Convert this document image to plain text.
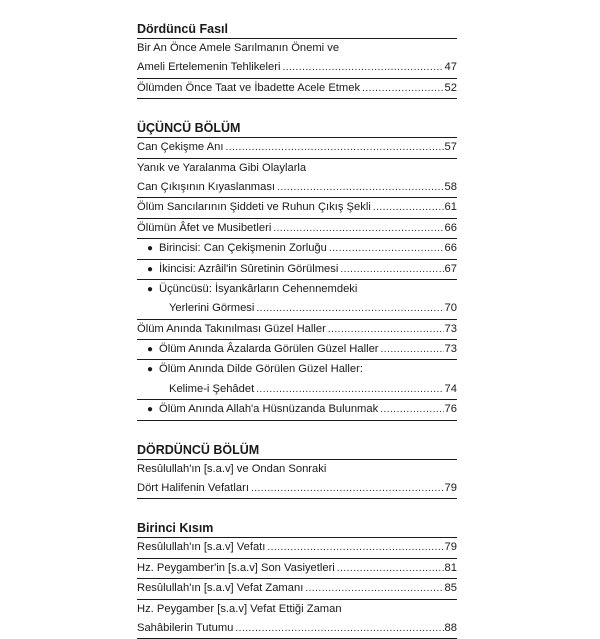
Dördüncü Fasıl
Bir An Önce Amele Sarılmanın Önemi ve
Ameli Ertelemenin Tehlikeleri .....	47
Ölümden Önce Taat ve İbadette Acele Etmek .....	52
ÜÇÜNCÜ BÖLÜM
Can Çekişme Anı .....	57
Yanık ve Yaralanma Gibi Olaylarla
Can Çıkışının Kıyaslanması .....	58
Ölüm Sancılarının Şiddeti ve Ruhun Çıkış Şekli .....	61
Ölümün Âfet ve Musibetleri .....	66
● Birincisi: Can Çekişmenin Zorluğu .....	66
● İkincisi: Azrâil'in Sûretinin Görülmesi .....	67
● Üçüncüsü: İsyankârların Cehennemdeki
Yerlerini Görmesi .....	70
Ölüm Anında Takınılması Güzel Haller .....	73
● Ölüm Anında Âzalarda Görülen Güzel Haller .....	73
● Ölüm Anında Dilde Görülen Güzel Haller:
Kelime-i Şehâdet .....	74
● Ölüm Anında Allah'a Hüsnüzanda Bulunmak .....	76
DÖRDÜNCÜ BÖLÜM
Resûlullah'ın [s.a.v] ve Ondan Sonraki
Dört Halifenin Vefatları .....	79
Birinci Kısım
Resûlullah'ın [s.a.v] Vefatı .....	79
Hz. Peygamber'in [s.a.v] Son Vasiyetleri .....	81
Resûlullah'ın [s.a.v] Vefat Zamanı .....	85
Hz. Peygamber [s.a.v] Vefat Ettiği Zaman
Sahâbilerin Tutumu .....	88
